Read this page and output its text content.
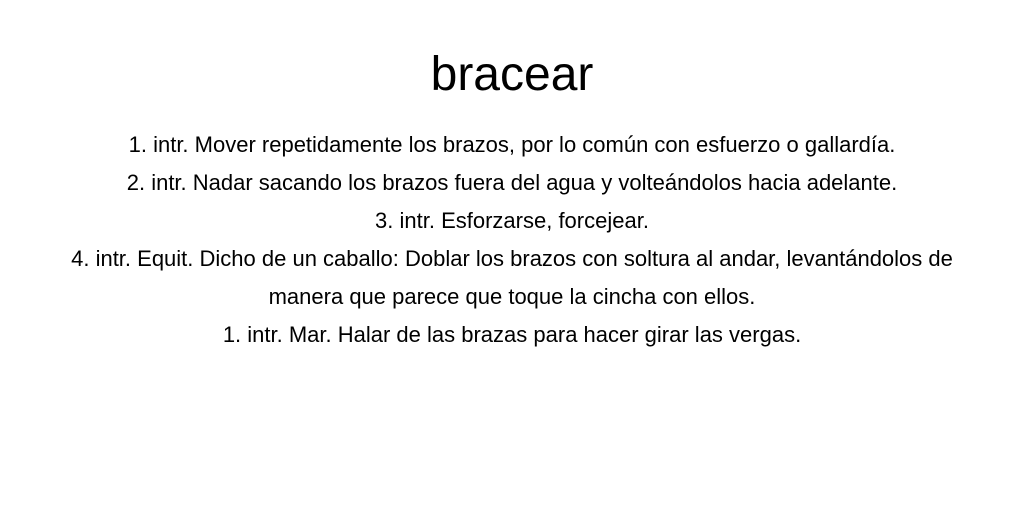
bracear
1. intr. Mover repetidamente los brazos, por lo común con esfuerzo o gallardía.
2. intr. Nadar sacando los brazos fuera del agua y volteándolos hacia adelante.
3. intr. Esforzarse, forcejear.
4. intr. Equit. Dicho de un caballo: Doblar los brazos con soltura al andar, levantándolos de manera que parece que toque la cincha con ellos.
1. intr. Mar. Halar de las brazas para hacer girar las vergas.
